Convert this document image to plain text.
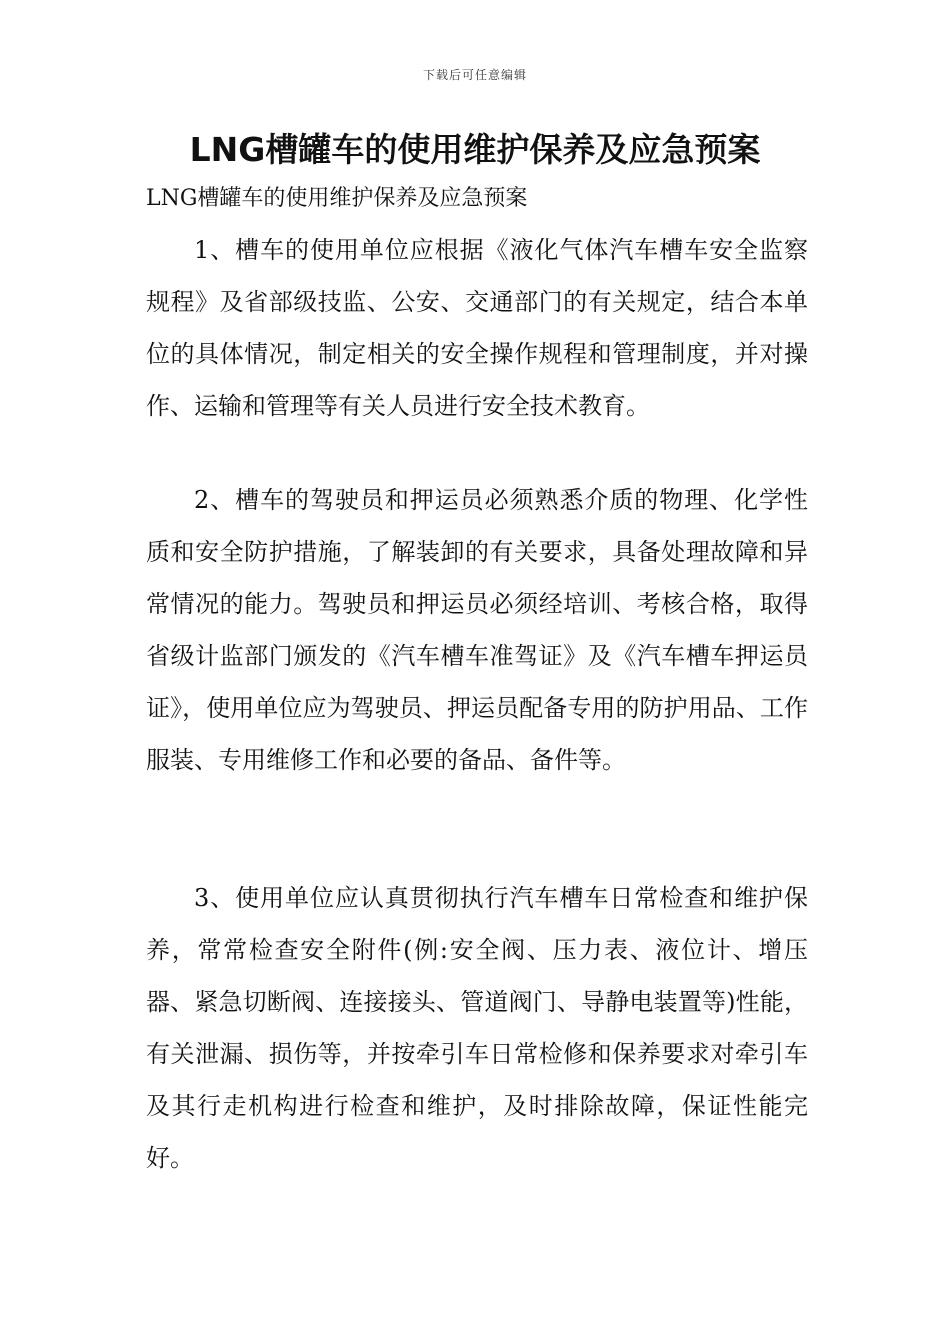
下载后可任意编辑
LNG槽罐车的使用维护保养及应急预案

LNG槽罐车的使用维护保养及应急预案

1、槽车的使用单位应根据《液化气体汽车槽车安全监察规程》及省部级技监、公安、交通部门的有关规定，结合本单位的具体情况，制定相关的安全操作规程和管理制度，并对操作、运输和管理等有关人员进行安全技术教育。

2、槽车的驾驶员和押运员必须熟悉介质的物理、化学性质和安全防护措施，了解装卸的有关要求，具备处理故障和异常情况的能力。驾驶员和押运员必须经培训、考核合格，取得省级计监部门颁发的《汽车槽车准驾证》及《汽车槽车押运员证》，使用单位应为驾驶员、押运员配备专用的防护用品、工作服装、专用维修工作和必要的备品、备件等。

3、使用单位应认真贯彻执行汽车槽车日常检查和维护保养，常常检查安全附件(例:安全阀、压力表、液位计、增压器、紧急切断阀、连接接头、管道阀门、导静电装置等)性能，有关泄漏、损伤等，并按牵引车日常检修和保养要求对牵引车及其行走机构进行检查和维护，及时排除故障，保证性能完好。
